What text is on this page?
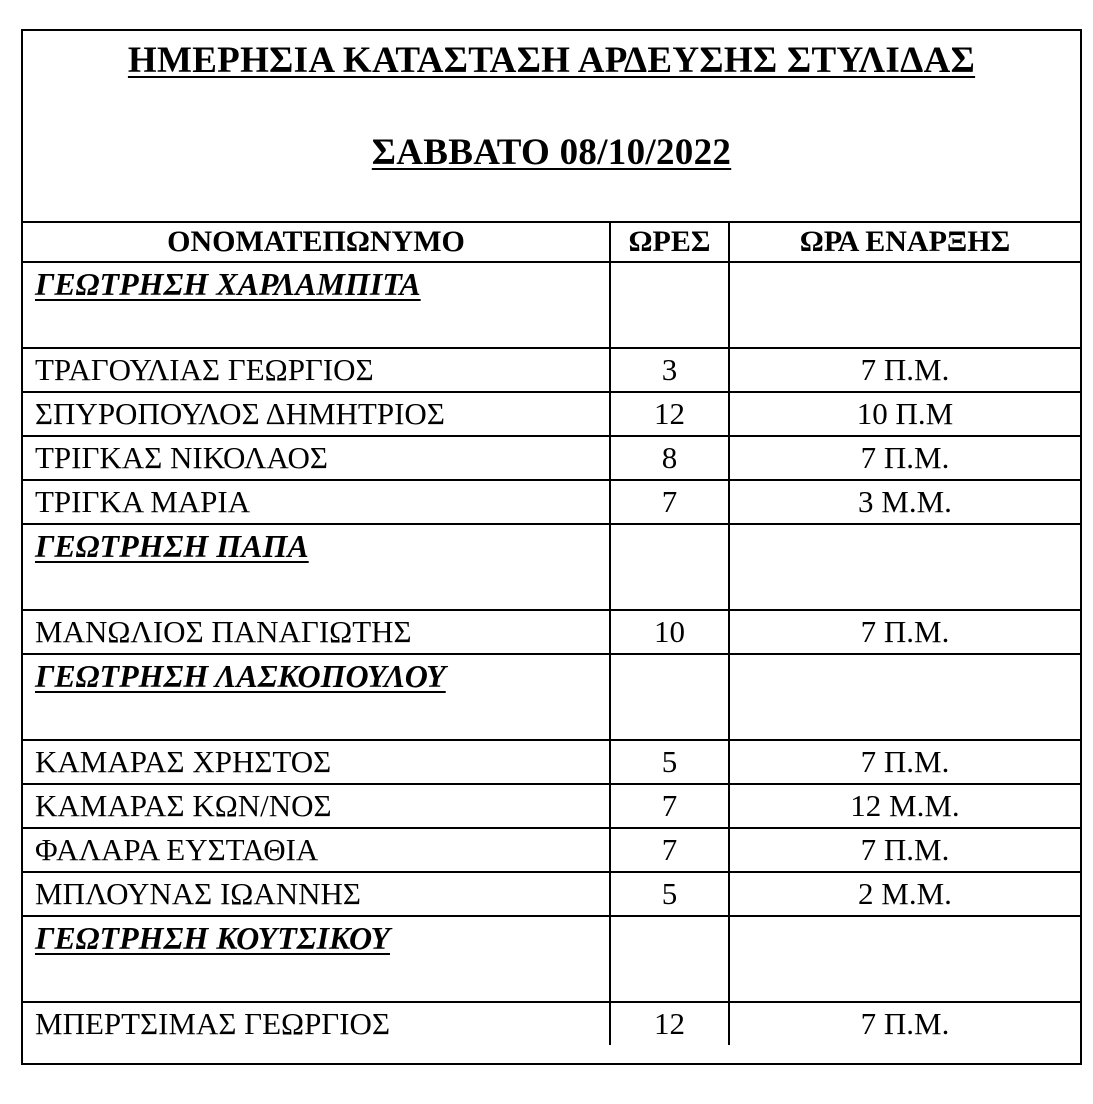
ΗΜΕΡΗΣΙΑ ΚΑΤΑΣΤΑΣΗ ΑΡΔΕΥΣΗΣ ΣΤΥΛΙΔΑΣ
ΣΑΒΒΑΤΟ 08/10/2022
ΟΝΟΜΑΤΕΠΩΝΥΜΟ	ΩΡΕΣ	ΩΡΑ ΕΝΑΡΞΗΣ
ΓΕΩΤΡΗΣΗ ΧΑΡΛΑΜΠΙΤΑ		
ΤΡΑΓΟΥΛΙΑΣ ΓΕΩΡΓΙΟΣ	3	7 Π.Μ.
ΣΠΥΡΟΠΟΥΛΟΣ ΔΗΜΗΤΡΙΟΣ	12	10 Π.Μ
ΤΡΙΓΚΑΣ ΝΙΚΟΛΑΟΣ	8	7 Π.Μ.
ΤΡΙΓΚΑ ΜΑΡΙΑ	7	3 Μ.Μ.
ΓΕΩΤΡΗΣΗ ΠΑΠΑ		
ΜΑΝΩΛΙΟΣ ΠΑΝΑΓΙΩΤΗΣ	10	7 Π.Μ.
ΓΕΩΤΡΗΣΗ ΛΑΣΚΟΠΟΥΛΟΥ		
ΚΑΜΑΡΑΣ ΧΡΗΣΤΟΣ	5	7 Π.Μ.
ΚΑΜΑΡΑΣ ΚΩΝ/ΝΟΣ	7	12 Μ.Μ.
ΦΑΛΑΡΑ ΕΥΣΤΑΘΙΑ	7	7 Π.Μ.
ΜΠΛΟΥΝΑΣ ΙΩΑΝΝΗΣ	5	2 Μ.Μ.
ΓΕΩΤΡΗΣΗ ΚΟΥΤΣΙΚΟΥ		
ΜΠΕΡΤΣΙΜΑΣ ΓΕΩΡΓΙΟΣ	12	7 Π.Μ.
